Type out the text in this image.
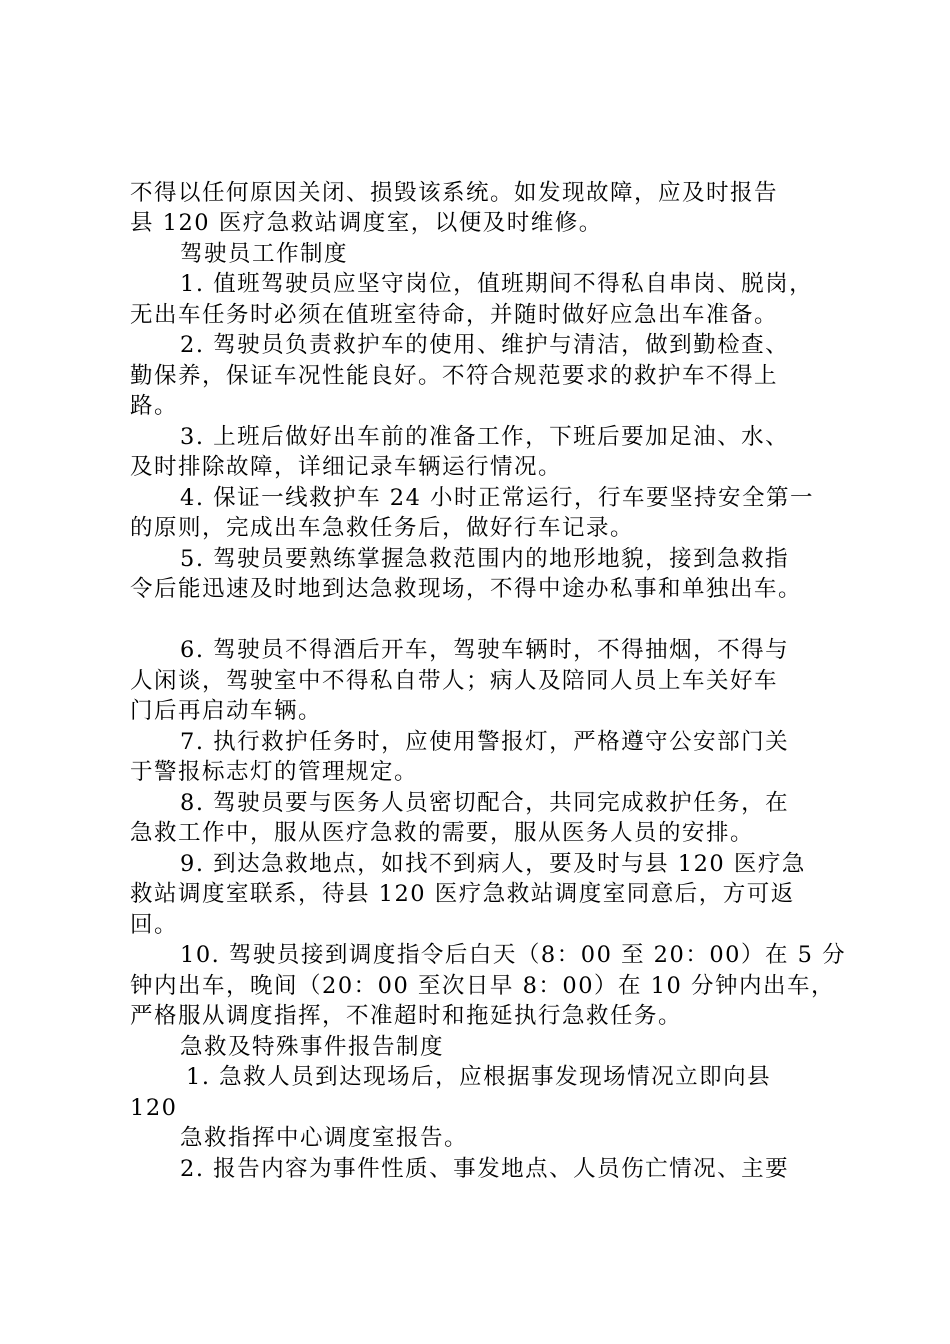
不得以任何原因关闭、损毁该系统。如发现故障，应及时报告
县 120 医疗急救站调度室，以便及时维修。
驾驶员工作制度
1. 值班驾驶员应坚守岗位，值班期间不得私自串岗、脱岗，
无出车任务时必须在值班室待命，并随时做好应急出车准备。
2. 驾驶员负责救护车的使用、维护与清洁，做到勤检查、
勤保养，保证车况性能良好。不符合规范要求的救护车不得上
路。
3. 上班后做好出车前的准备工作，下班后要加足油、水、
及时排除故障，详细记录车辆运行情况。
4. 保证一线救护车 24 小时正常运行，行车要坚持安全第一
的原则，完成出车急救任务后，做好行车记录。
5. 驾驶员要熟练掌握急救范围内的地形地貌，接到急救指
令后能迅速及时地到达急救现场，不得中途办私事和单独出车。
6. 驾驶员不得酒后开车，驾驶车辆时，不得抽烟，不得与
人闲谈，驾驶室中不得私自带人；病人及陪同人员上车关好车
门后再启动车辆。
7. 执行救护任务时，应使用警报灯，严格遵守公安部门关
于警报标志灯的管理规定。
8. 驾驶员要与医务人员密切配合，共同完成救护任务，在
急救工作中，服从医疗急救的需要，服从医务人员的安排。
9. 到达急救地点，如找不到病人，要及时与县 120 医疗急
救站调度室联系，待县 120 医疗急救站调度室同意后，方可返
回。
10. 驾驶员接到调度指令后白天（8：00 至 20：00）在 5 分
钟内出车，晚间（20：00 至次日早 8：00）在 10 分钟内出车，
严格服从调度指挥，不准超时和拖延执行急救任务。
急救及特殊事件报告制度
1. 急救人员到达现场后，应根据事发现场情况立即向县
120
急救指挥中心调度室报告。
2. 报告内容为事件性质、事发地点、人员伤亡情况、主要
